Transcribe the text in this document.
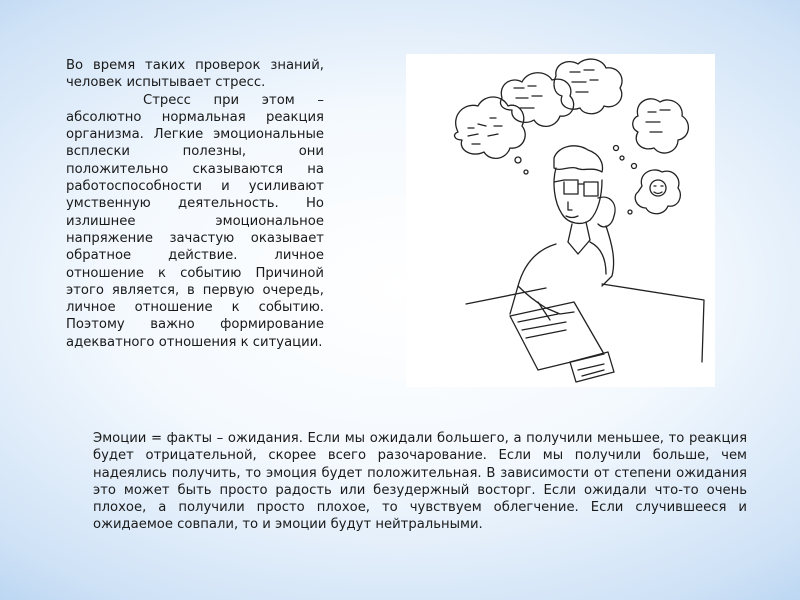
Во время таких проверок знаний, человек испытывает стресс.

Стресс при этом – абсолютно нормальная реакция организма. Легкие эмоциональные всплески полезны, они положительно сказываются на работоспособности и усиливают умственную деятельность. Но излишнее эмоциональное напряжение зачастую оказывает обратное действие. личное отношение к событию Причиной этого является, в первую очередь, личное отношение к событию. Поэтому важно формирование адекватного отношения к ситуации.

Эмоции = факты – ожидания. Если мы ожидали большего, а получили меньшее, то реакция будет отрицательной, скорее всего разочарование. Если мы получили больше, чем надеялись получить, то эмоция будет положительная. В зависимости от степени ожидания это может быть просто радость или безудержный восторг. Если ожидали что-то очень плохое, а получили просто плохое, то чувствуем облегчение. Если случившееся и ожидаемое совпали, то и эмоции будут нейтральными.
